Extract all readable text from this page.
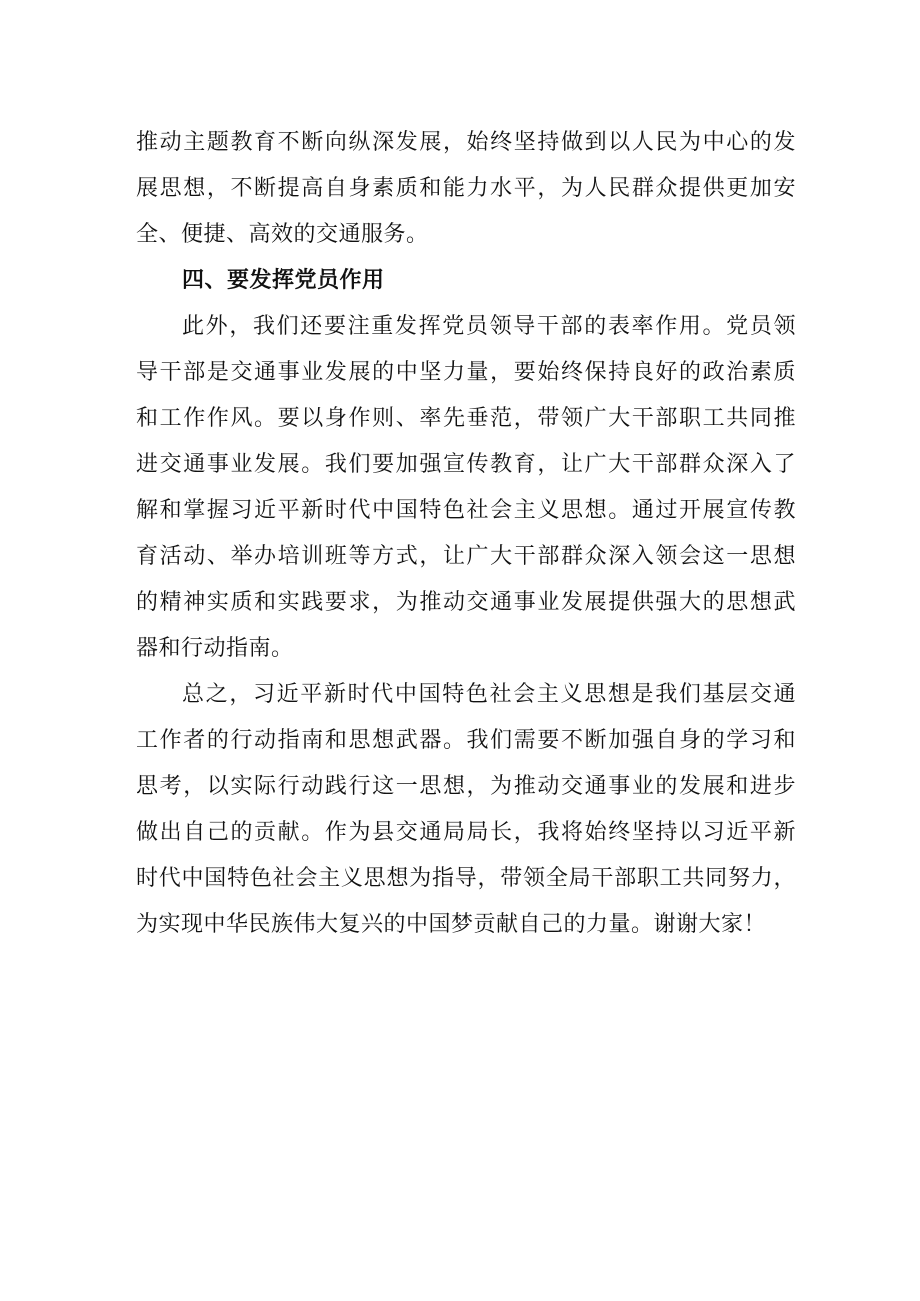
推动主题教育不断向纵深发展，始终坚持做到以人民为中心的发
展思想，不断提高自身素质和能力水平，为人民群众提供更加安
全、便捷、高效的交通服务。
四、要发挥党员作用
此外，我们还要注重发挥党员领导干部的表率作用。党员领
导干部是交通事业发展的中坚力量，要始终保持良好的政治素质
和工作作风。要以身作则、率先垂范，带领广大干部职工共同推
进交通事业发展。我们要加强宣传教育，让广大干部群众深入了
解和掌握习近平新时代中国特色社会主义思想。通过开展宣传教
育活动、举办培训班等方式，让广大干部群众深入领会这一思想
的精神实质和实践要求，为推动交通事业发展提供强大的思想武
器和行动指南。
总之，习近平新时代中国特色社会主义思想是我们基层交通
工作者的行动指南和思想武器。我们需要不断加强自身的学习和
思考，以实际行动践行这一思想，为推动交通事业的发展和进步
做出自己的贡献。作为县交通局局长，我将始终坚持以习近平新
时代中国特色社会主义思想为指导，带领全局干部职工共同努力，
为实现中华民族伟大复兴的中国梦贡献自己的力量。谢谢大家！
